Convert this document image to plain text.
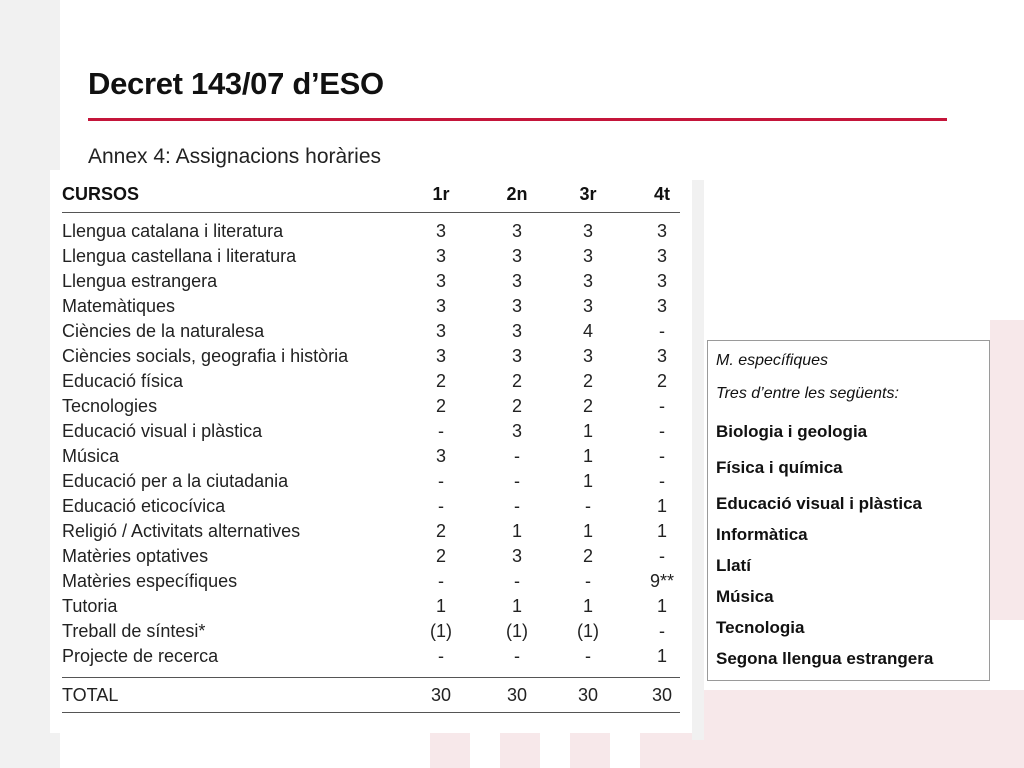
Decret 143/07 d’ESO
Annex 4: Assignacions horàries
CURSOS	1r	2n	3r	4t
Llengua catalana i literatura	3	3	3	3
Llengua castellana i literatura	3	3	3	3
Llengua estrangera	3	3	3	3
Matemàtiques	3	3	3	3
Ciències de la naturalesa	3	3	4	-
Ciències socials, geografia i història	3	3	3	3
Educació física	2	2	2	2
Tecnologies	2	2	2	-
Educació visual i plàstica	-	3	1	-
Música	3	-	1	-
Educació per a la ciutadania	-	-	1	-
Educació eticocívica	-	-	-	1
Religió / Activitats alternatives	2	1	1	1
Matèries optatives	2	3	2	-
Matèries específiques	-	-	-	9**
Tutoria	1	1	1	1
Treball de síntesi*	(1)	(1)	(1)	-
Projecte de recerca	-	-	-	1
TOTAL	30	30	30	30
M. específiques
Tres d’entre les següents:
Biologia i geologia
Física i química
Educació visual i plàstica
Informàtica
Llatí
Música
Tecnologia
Segona llengua estrangera
